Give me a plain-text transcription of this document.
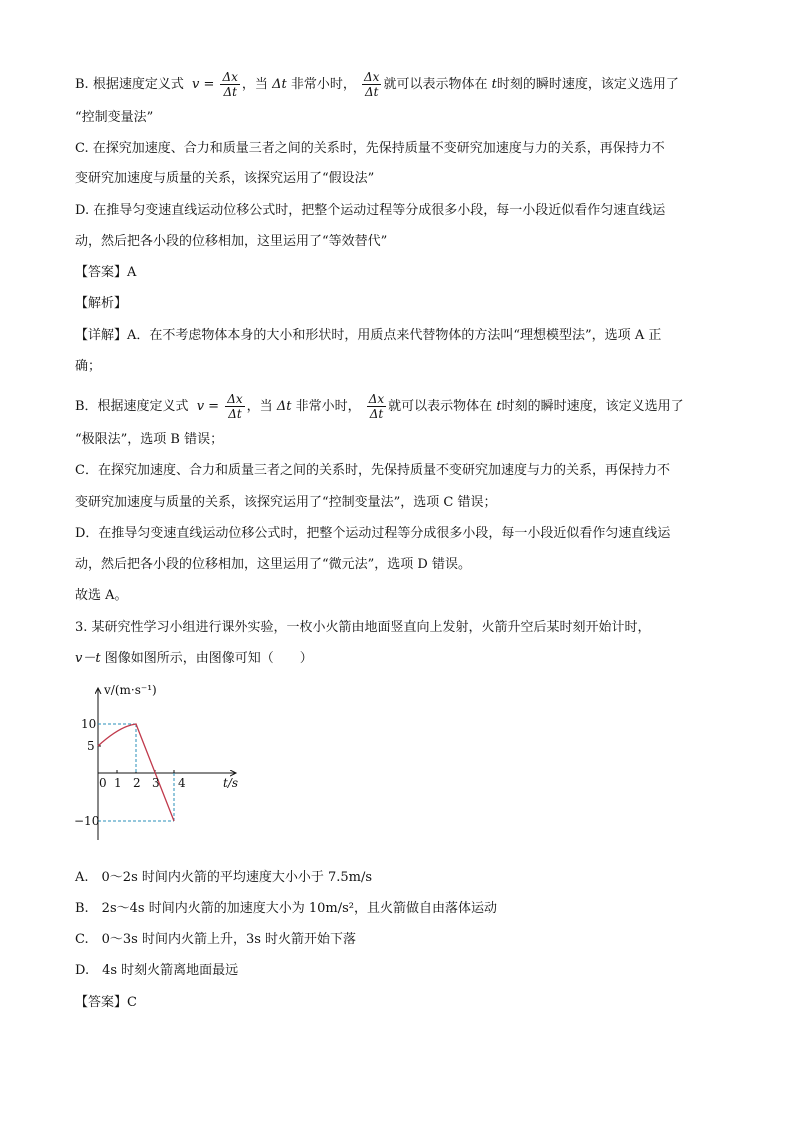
B. 根据速度定义式 $v = \frac{\Delta x}{\Delta t}$ ，当 Δt 非常小时， $\frac{\Delta x}{\Delta t}$ 就可以表示物体在 t时刻的瞬时速度，该定义选用了
“控制变量法”
C. 在探究加速度、合力和质量三者之间的关系时，先保持质量不变研究加速度与力的关系，再保持力不
变研究加速度与质量的关系，该探究运用了“假设法”
D. 在推导匀变速直线运动位移公式时，把整个运动过程等分成很多小段，每一小段近似看作匀速直线运
动，然后把各小段的位移相加，这里运用了“等效替代”
【答案】A
【解析】
【详解】A．在不考虑物体本身的大小和形状时，用质点来代替物体的方法叫“理想模型法”，选项 A 正
确；
B．根据速度定义式 $v = \frac{\Delta x}{\Delta t}$ ，当 Δt 非常小时， $\frac{\Delta x}{\Delta t}$ 就可以表示物体在 t时刻的瞬时速度，该定义选用了
“极限法”，选项 B 错误；
C．在探究加速度、合力和质量三者之间的关系时，先保持质量不变研究加速度与力的关系，再保持力不
变研究加速度与质量的关系，该探究运用了“控制变量法”，选项 C 错误；
D．在推导匀变速直线运动位移公式时，把整个运动过程等分成很多小段，每一小段近似看作匀速直线运
动，然后把各小段的位移相加，这里运用了“微元法”，选项 D 错误。
故选 A。
3. 某研究性学习小组进行课外实验，一枚小火箭由地面竖直向上发射，火箭升空后某时刻开始计时，
v－t 图像如图所示，由图像可知（　　）
v/(m·s⁻¹)
t/s
10
5
−10
0 1 2 3 4
A.　0～2s 时间内火箭的平均速度大小小于 7.5m/s
B.　2s～4s 时间内火箭的加速度大小为 10m/s²，且火箭做自由落体运动
C.　0～3s 时间内火箭上升，3s 时火箭开始下落
D.　4s 时刻火箭离地面最远
【答案】C
